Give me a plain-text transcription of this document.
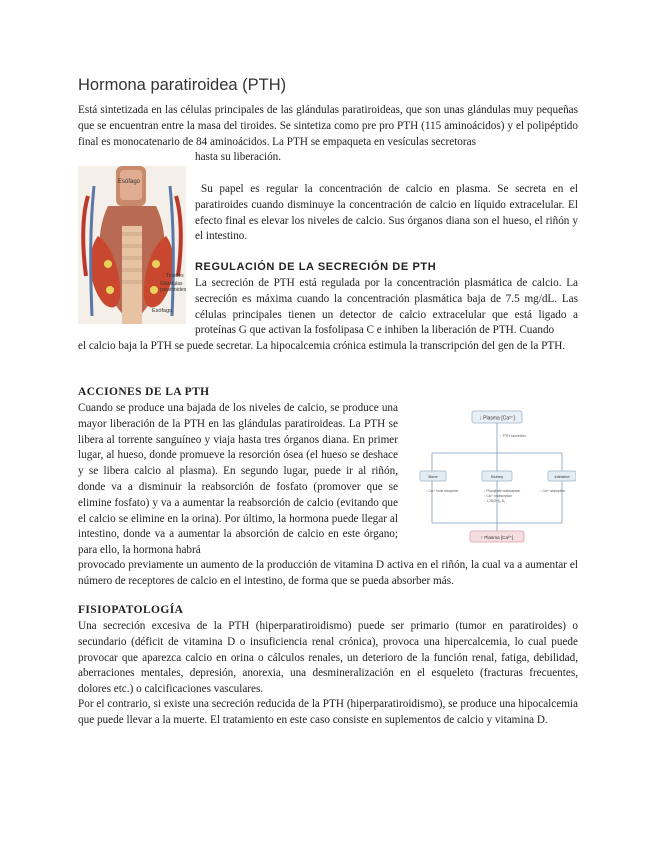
Hormona paratiroidea (PTH)

Está sintetizada en las células principales de las glándulas paratiroideas, que son unas glándulas muy pequeñas que se encuentran entre la masa del tiroides. Se sintetiza como pre pro PTH (115 aminoácidos) y el polipéptido final es monocatenario de 84 aminoácidos. La PTH se empaqueta en vesículas secretoras

hasta su liberación.

Esófago
Tiroides
Glándulas
paratiroides
Esófago

Su papel es regular la concentración de calcio en plasma. Se secreta en el paratiroides cuando disminuye la concentración de calcio en líquido extracelular. El efecto final es elevar los niveles de calcio. Sus órganos diana son el hueso, el riñón y el intestino.

REGULACIÓN DE LA SECRECIÓN DE PTH

La secreción de PTH está regulada por la concentración plasmática de calcio. La secreción es máxima cuando la concentración plasmática baja de 7.5 mg/dL. Las células principales tienen un detector de calcio extracelular que está ligado a proteínas G que activan la fosfolipasa C e inhiben la liberación de PTH. Cuando

el calcio baja la PTH se puede secretar. La hipocalcemia crónica estimula la transcripción del gen de la PTH.

ACCIONES DE LA PTH

Cuando se produce una bajada de los niveles de calcio, se produce una mayor liberación de la PTH en las glándulas paratiroideas. La PTH se libera al torrente sanguíneo y viaja hasta tres órganos diana. En primer lugar, al hueso, donde promueve la resorción ósea (el hueso se deshace y se libera calcio al plasma). En segundo lugar, puede ir al riñón, donde va a disminuir la reabsorción de fosfato (promover que se elimine fosfato) y va a aumentar la reabsorción de calcio (evitando que el calcio se elimine en la orina). Por último, la hormona puede llegar al intestino, donde va a aumentar la absorción de calcio en este órgano; para ello, la hormona habrá

↓ Plasma [Ca²⁺]
↑ PTH secretion
Bone	Kidney	Intestine
↑ Ca²⁺ bone resorption	↓ Phosphate reabsorption
↑ Ca²⁺ reabsorption
↑ 1,25(OH)₂ D₃
↑ Ca²⁺ absorption
↑ Plasma [Ca²⁺]

provocado previamente un aumento de la producción de vitamina D activa en el riñón, la cual va a aumentar el número de receptores de calcio en el intestino, de forma que se pueda absorber más.

FISIOPATOLOGÍA

Una secreción excesiva de la PTH (hiperparatiroidismo) puede ser primario (tumor en paratiroides) o secundario (déficit de vitamina D o insuficiencia renal crónica), provoca una hipercalcemia, lo cual puede provocar que aparezca calcio en orina o cálculos renales, un deterioro de la función renal, fatiga, debilidad, aberraciones mentales, depresión, anorexia, una desmineralización en el esqueleto (fracturas frecuentes, dolores etc.) o calcificaciones vasculares.

Por el contrario, si existe una secreción reducida de la PTH (hiperparatiroidismo), se produce una hipocalcemia que puede llevar a la muerte. El tratamiento en este caso consiste en suplementos de calcio y vitamina D.
